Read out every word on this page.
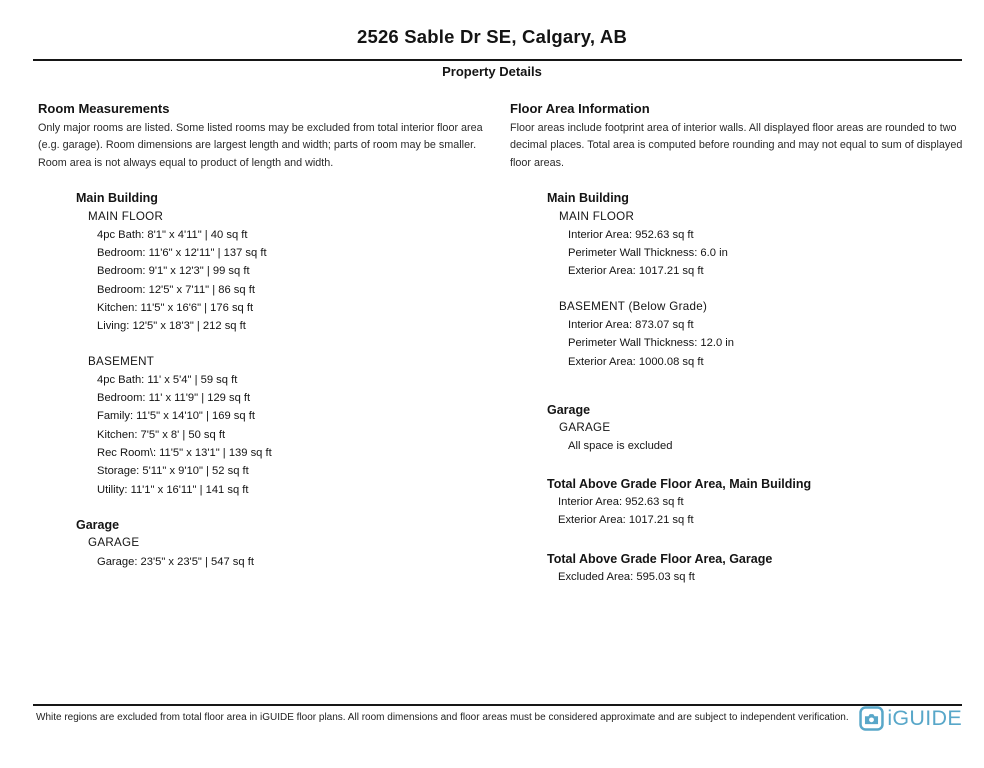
2526 Sable Dr SE, Calgary, AB
Property Details
Room Measurements
Only major rooms are listed. Some listed rooms may be excluded from total interior floor area
(e.g. garage). Room dimensions are largest length and width; parts of room may be smaller.
Room area is not always equal to product of length and width.
Main Building
MAIN FLOOR
4pc Bath: 8'1" x 4'11" | 40 sq ft
Bedroom: 11'6" x 12'11" | 137 sq ft
Bedroom: 9'1" x 12'3" | 99 sq ft
Bedroom: 12'5" x 7'11" | 86 sq ft
Kitchen: 11'5" x 16'6" | 176 sq ft
Living: 12'5" x 18'3" | 212 sq ft
BASEMENT
4pc Bath: 11' x 5'4" | 59 sq ft
Bedroom: 11' x 11'9" | 129 sq ft
Family: 11'5" x 14'10" | 169 sq ft
Kitchen: 7'5" x 8' | 50 sq ft
Rec Room\: 11'5" x 13'1" | 139 sq ft
Storage: 5'11" x 9'10" | 52 sq ft
Utility: 11'1" x 16'11" | 141 sq ft
Garage
GARAGE
Garage: 23'5" x 23'5" | 547 sq ft
Floor Area Information
Floor areas include footprint area of interior walls. All displayed floor areas are rounded to two
decimal places. Total area is computed before rounding and may not equal to sum of displayed
floor areas.
Main Building
MAIN FLOOR
Interior Area: 952.63 sq ft
Perimeter Wall Thickness: 6.0 in
Exterior Area: 1017.21 sq ft
BASEMENT (Below Grade)
Interior Area: 873.07 sq ft
Perimeter Wall Thickness: 12.0 in
Exterior Area: 1000.08 sq ft
Garage
GARAGE
All space is excluded
Total Above Grade Floor Area, Main Building
Interior Area: 952.63 sq ft
Exterior Area: 1017.21 sq ft
Total Above Grade Floor Area, Garage
Excluded Area: 595.03 sq ft
White regions are excluded from total floor area in iGUIDE floor plans. All room dimensions and floor areas must be considered approximate and are subject to independent verification. iGUIDE
